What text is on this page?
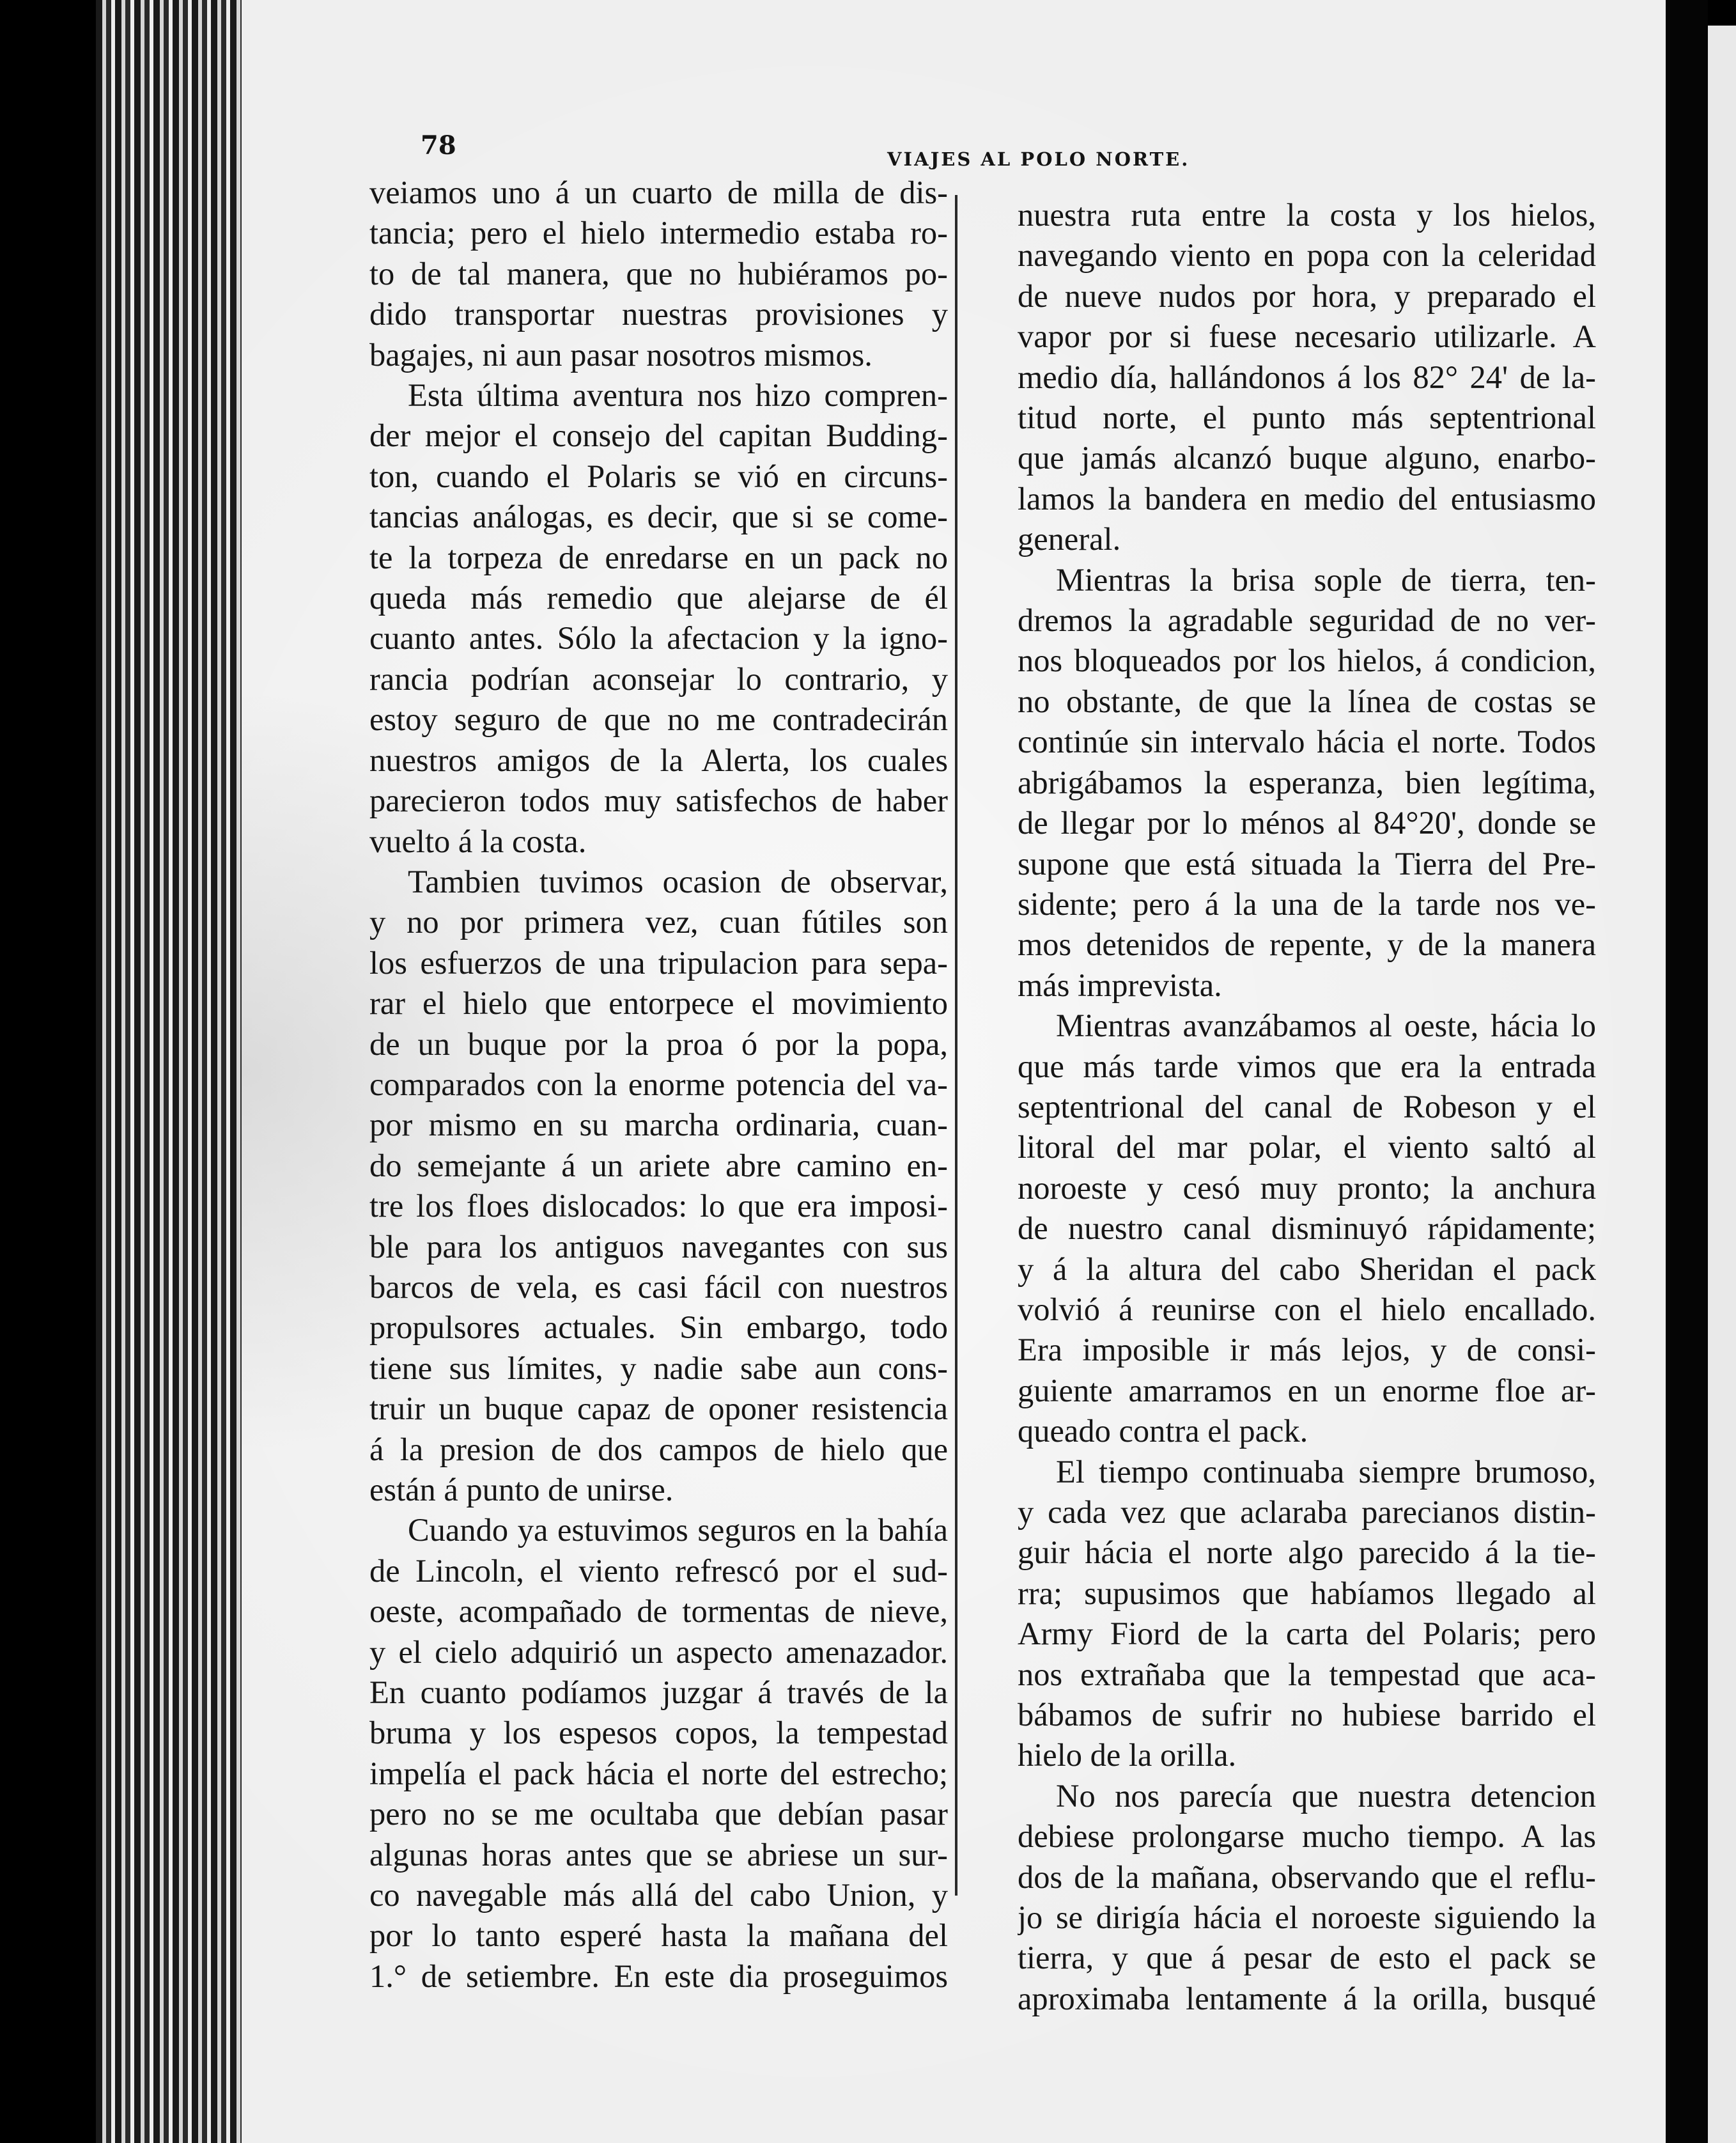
78	VIAJES AL POLO NORTE.
veiamos uno á un cuarto de milla de dis-
tancia; pero el hielo intermedio estaba ro-
to de tal manera, que no hubiéramos po-
dido transportar nuestras provisiones y
bagajes, ni aun pasar nosotros mismos.
Esta última aventura nos hizo compren-
der mejor el consejo del capitan Budding-
ton, cuando el Polaris se vió en circuns-
tancias análogas, es decir, que si se come-
te la torpeza de enredarse en un pack no
queda más remedio que alejarse de él
cuanto antes. Sólo la afectacion y la igno-
rancia podrían aconsejar lo contrario, y
estoy seguro de que no me contradecirán
nuestros amigos de la Alerta, los cuales
parecieron todos muy satisfechos de haber
vuelto á la costa.
Tambien tuvimos ocasion de observar,
y no por primera vez, cuan fútiles son
los esfuerzos de una tripulacion para sepa-
rar el hielo que entorpece el movimiento
de un buque por la proa ó por la popa,
comparados con la enorme potencia del va-
por mismo en su marcha ordinaria, cuan-
do semejante á un ariete abre camino en-
tre los floes dislocados: lo que era imposi-
ble para los antiguos navegantes con sus
barcos de vela, es casi fácil con nuestros
propulsores actuales. Sin embargo, todo
tiene sus límites, y nadie sabe aun cons-
truir un buque capaz de oponer resistencia
á la presion de dos campos de hielo que
están á punto de unirse.
Cuando ya estuvimos seguros en la bahía
de Lincoln, el viento refrescó por el sud-
oeste, acompañado de tormentas de nieve,
y el cielo adquirió un aspecto amenazador.
En cuanto podíamos juzgar á través de la
bruma y los espesos copos, la tempestad
impelía el pack hácia el norte del estrecho;
pero no se me ocultaba que debían pasar
algunas horas antes que se abriese un sur-
co navegable más allá del cabo Union, y
por lo tanto esperé hasta la mañana del
1.° de setiembre. En este dia proseguimos
nuestra ruta entre la costa y los hielos,
navegando viento en popa con la celeridad
de nueve nudos por hora, y preparado el
vapor por si fuese necesario utilizarle. A
medio día, hallándonos á los 82° 24' de la-
titud norte, el punto más septentrional
que jamás alcanzó buque alguno, enarbo-
lamos la bandera en medio del entusiasmo
general.
Mientras la brisa sople de tierra, ten-
dremos la agradable seguridad de no ver-
nos bloqueados por los hielos, á condicion,
no obstante, de que la línea de costas se
continúe sin intervalo hácia el norte. Todos
abrigábamos la esperanza, bien legítima,
de llegar por lo ménos al 84°20', donde se
supone que está situada la Tierra del Pre-
sidente; pero á la una de la tarde nos ve-
mos detenidos de repente, y de la manera
más imprevista.
Mientras avanzábamos al oeste, hácia lo
que más tarde vimos que era la entrada
septentrional del canal de Robeson y el
litoral del mar polar, el viento saltó al
noroeste y cesó muy pronto; la anchura
de nuestro canal disminuyó rápidamente;
y á la altura del cabo Sheridan el pack
volvió á reunirse con el hielo encallado.
Era imposible ir más lejos, y de consi-
guiente amarramos en un enorme floe ar-
queado contra el pack.
El tiempo continuaba siempre brumoso,
y cada vez que aclaraba parecianos distin-
guir hácia el norte algo parecido á la tie-
rra; supusimos que habíamos llegado al
Army Fiord de la carta del Polaris; pero
nos extrañaba que la tempestad que aca-
bábamos de sufrir no hubiese barrido el
hielo de la orilla.
No nos parecía que nuestra detencion
debiese prolongarse mucho tiempo. A las
dos de la mañana, observando que el reflu-
jo se dirigía hácia el noroeste siguiendo la
tierra, y que á pesar de esto el pack se
aproximaba lentamente á la orilla, busqué
